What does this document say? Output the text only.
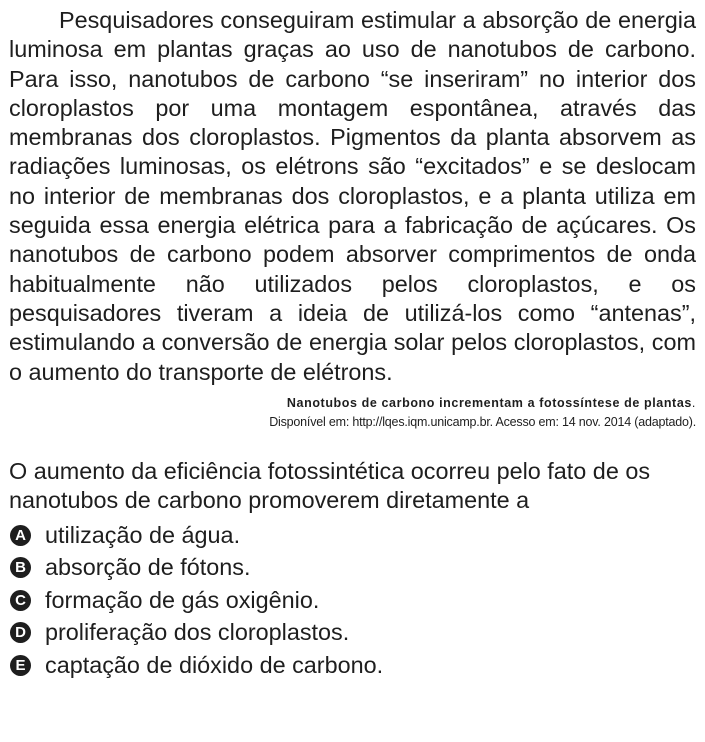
Pesquisadores conseguiram estimular a absorção de energia luminosa em plantas graças ao uso de nanotubos de carbono. Para isso, nanotubos de carbono “se inseriram” no interior dos cloroplastos por uma montagem espontânea, através das membranas dos cloroplastos. Pigmentos da planta absorvem as radiações luminosas, os elétrons são “excitados” e se deslocam no interior de membranas dos cloroplastos, e a planta utiliza em seguida essa energia elétrica para a fabricação de açúcares. Os nanotubos de carbono podem absorver comprimentos de onda habitualmente não utilizados pelos cloroplastos, e os pesquisadores tiveram a ideia de utilizá-los como “antenas”, estimulando a conversão de energia solar pelos cloroplastos, com o aumento do transporte de elétrons.

Nanotubos de carbono incrementam a fotossíntese de plantas.
Disponível em: http://lqes.iqm.unicamp.br. Acesso em: 14 nov. 2014 (adaptado).

O aumento da eficiência fotossintética ocorreu pelo fato de os nanotubos de carbono promoverem diretamente a

A utilização de água.
B absorção de fótons.
C formação de gás oxigênio.
D proliferação dos cloroplastos.
E captação de dióxido de carbono.
